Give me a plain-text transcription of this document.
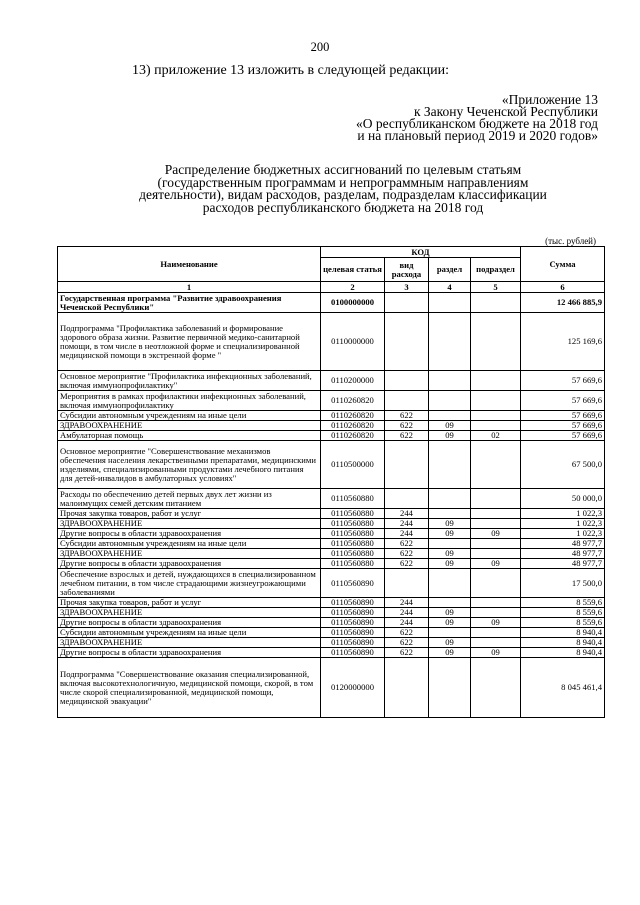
200
13) приложение 13 изложить в следующей редакции:
«Приложение 13
к Закону Чеченской Республики
«О республиканском бюджете на 2018 год
и на плановый период 2019 и 2020 годов»
Распределение бюджетных ассигнований по целевым статьям
(государственным программам и непрограммным направлениям
деятельности), видам расходов, разделам, подразделам классификации
расходов республиканского бюджета на 2018 год
(тыс. рублей)
Наименование	КОД				Сумма
	целевая статья	вид расхода	раздел	подраздел	
1	2	3	4	5	6
Государственная программа "Развитие здравоохранения Чеченской Республики"	0100000000				12 466 885,9
Подпрограмма "Профилактика заболеваний и формирование здорового образа жизни. Развитие первичной медико-санитарной помощи, в том числе в неотложной форме и специализированной медицинской помощи в экстренной форме "	0110000000				125 169,6
Основное мероприятие "Профилактика инфекционных заболеваний, включая иммунопрофилактику"	0110200000				57 669,6
Мероприятия в рамках профилактики инфекционных заболеваний, включая иммунопрофилактику	0110260820				57 669,6
Субсидии автономным учреждениям на иные цели	0110260820	622			57 669,6
ЗДРАВООХРАНЕНИЕ	0110260820	622	09		57 669,6
Амбулаторная помощь	0110260820	622	09	02	57 669,6
Основное мероприятие "Совершенствование механизмов обеспечения населения лекарственными препаратами, медицинскими изделиями, специализированными продуктами лечебного питания для детей-инвалидов в амбулаторных условиях"	0110500000				67 500,0
Расходы по обеспечению детей первых двух лет жизни из малоимущих семей детским питанием	0110560880				50 000,0
Прочая закупка товаров, работ и услуг	0110560880	244			1 022,3
ЗДРАВООХРАНЕНИЕ	0110560880	244	09		1 022,3
Другие вопросы в области здравоохранения	0110560880	244	09	09	1 022,3
Субсидии автономным учреждениям на иные цели	0110560880	622			48 977,7
ЗДРАВООХРАНЕНИЕ	0110560880	622	09		48 977,7
Другие вопросы в области здравоохранения	0110560880	622	09	09	48 977,7
Обеспечение взрослых и детей, нуждающихся в специализированном лечебном питании, в том числе страдающими жизнеугрожающими заболеваниями	0110560890				17 500,0
Прочая закупка товаров, работ и услуг	0110560890	244			8 559,6
ЗДРАВООХРАНЕНИЕ	0110560890	244	09		8 559,6
Другие вопросы в области здравоохранения	0110560890	244	09	09	8 559,6
Субсидии автономным учреждениям на иные цели	0110560890	622			8 940,4
ЗДРАВООХРАНЕНИЕ	0110560890	622	09		8 940,4
Другие вопросы в области здравоохранения	0110560890	622	09	09	8 940,4
Подпрограмма "Совершенствование оказания специализированной, включая высокотехнологичную, медицинской помощи, скорой, в том числе скорой специализированной, медицинской помощи, медицинской эвакуации"	0120000000				8 045 461,4
